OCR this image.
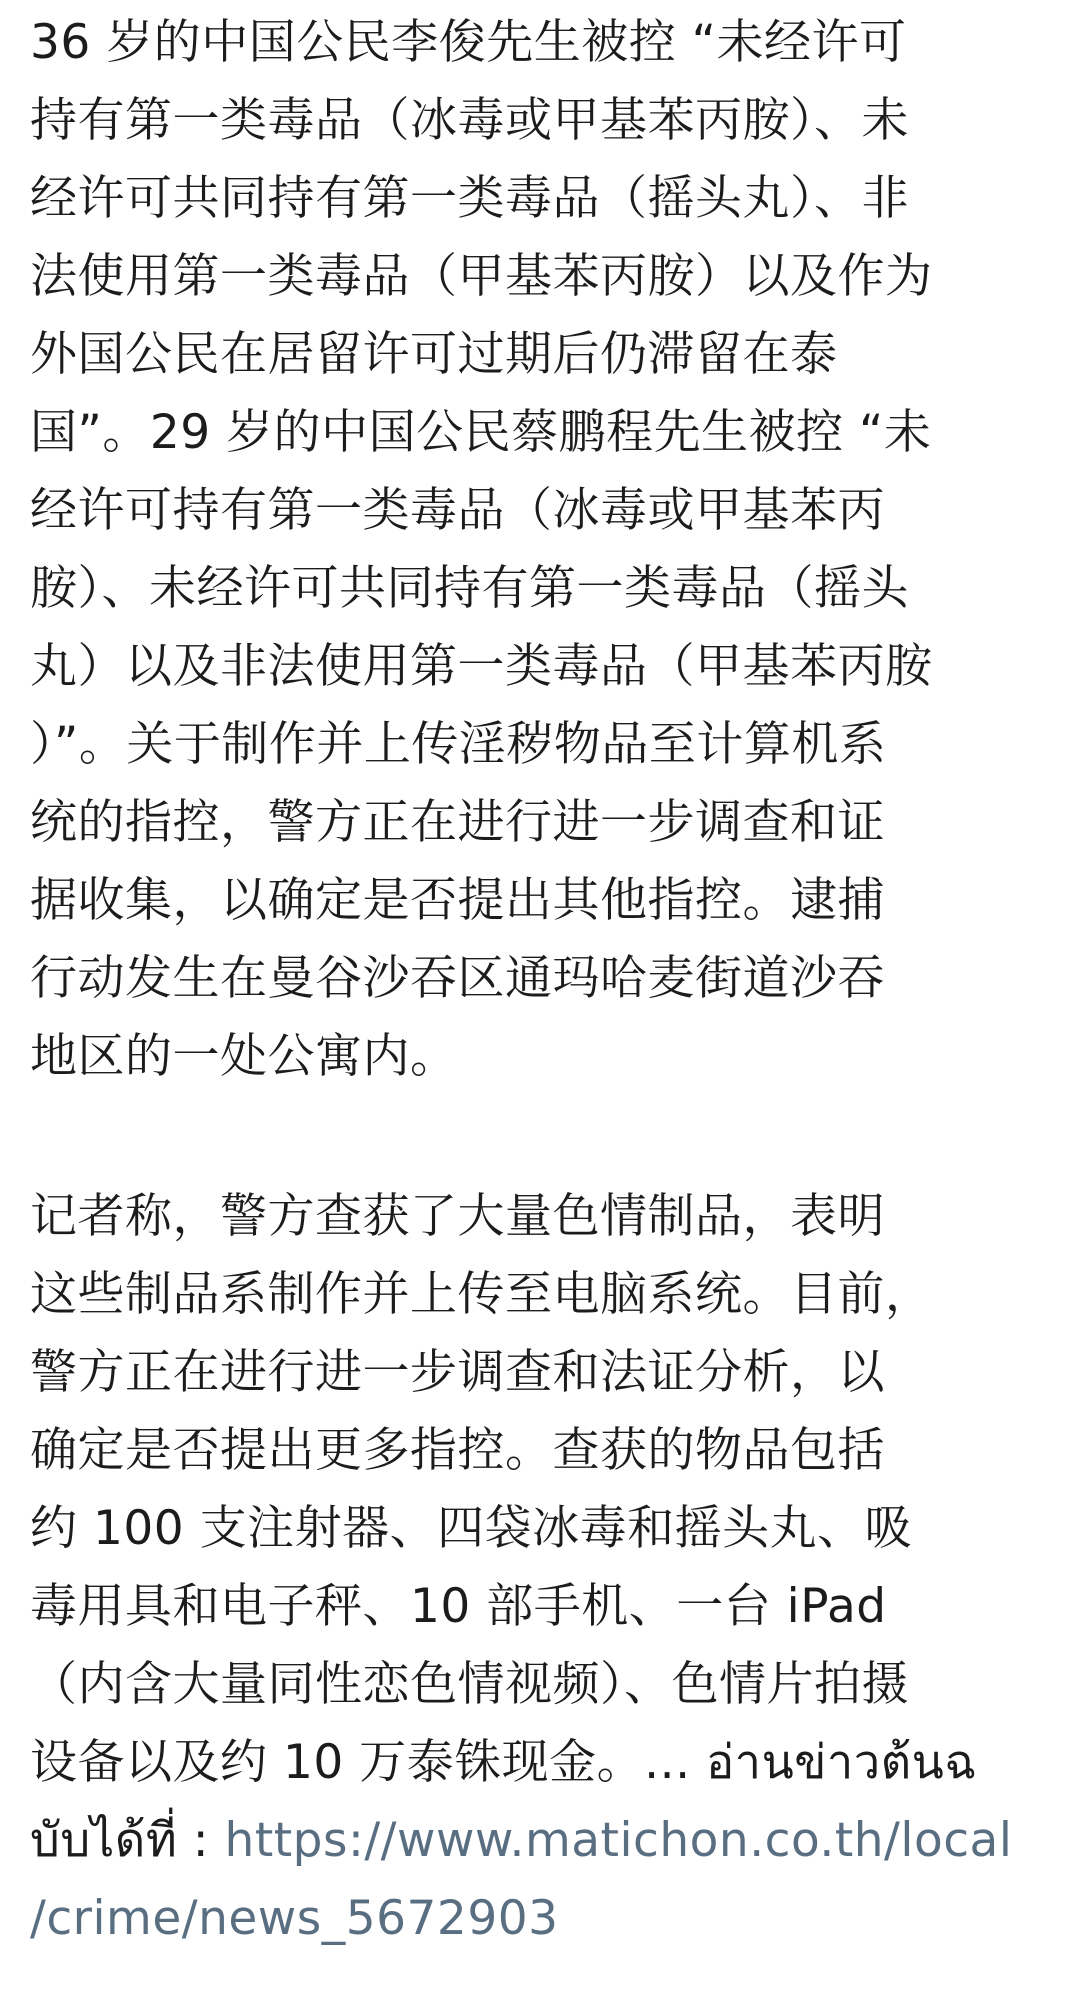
36 岁的中国公民李俊先生被控 “未经许可
持有第一类毒品（冰毒或甲基苯丙胺）、未
经许可共同持有第一类毒品（摇头丸）、非
法使用第一类毒品（甲基苯丙胺）以及作为
外国公民在居留许可过期后仍滞留在泰
国”。29 岁的中国公民蔡鹏程先生被控 “未
经许可持有第一类毒品（冰毒或甲基苯丙
胺）、未经许可共同持有第一类毒品（摇头
丸）以及非法使用第一类毒品（甲基苯丙胺
）”。关于制作并上传淫秽物品至计算机系
统的指控，警方正在进行进一步调查和证
据收集，以确定是否提出其他指控。逮捕
行动发生在曼谷沙吞区通玛哈麦街道沙吞
地区的一处公寓内。
记者称，警方查获了大量色情制品，表明
这些制品系制作并上传至电脑系统。目前，
警方正在进行进一步调查和法证分析，以
确定是否提出更多指控。查获的物品包括
约 100 支注射器、四袋冰毒和摇头丸、吸
毒用具和电子秤、10 部手机、一台 iPad
（内含大量同性恋色情视频）、色情片拍摄
设备以及约 10 万泰铢现金。... อ่านข่าวต้นฉ
บับได้ที่ : https://www.matichon.co.th/local
/crime/news_5672903
